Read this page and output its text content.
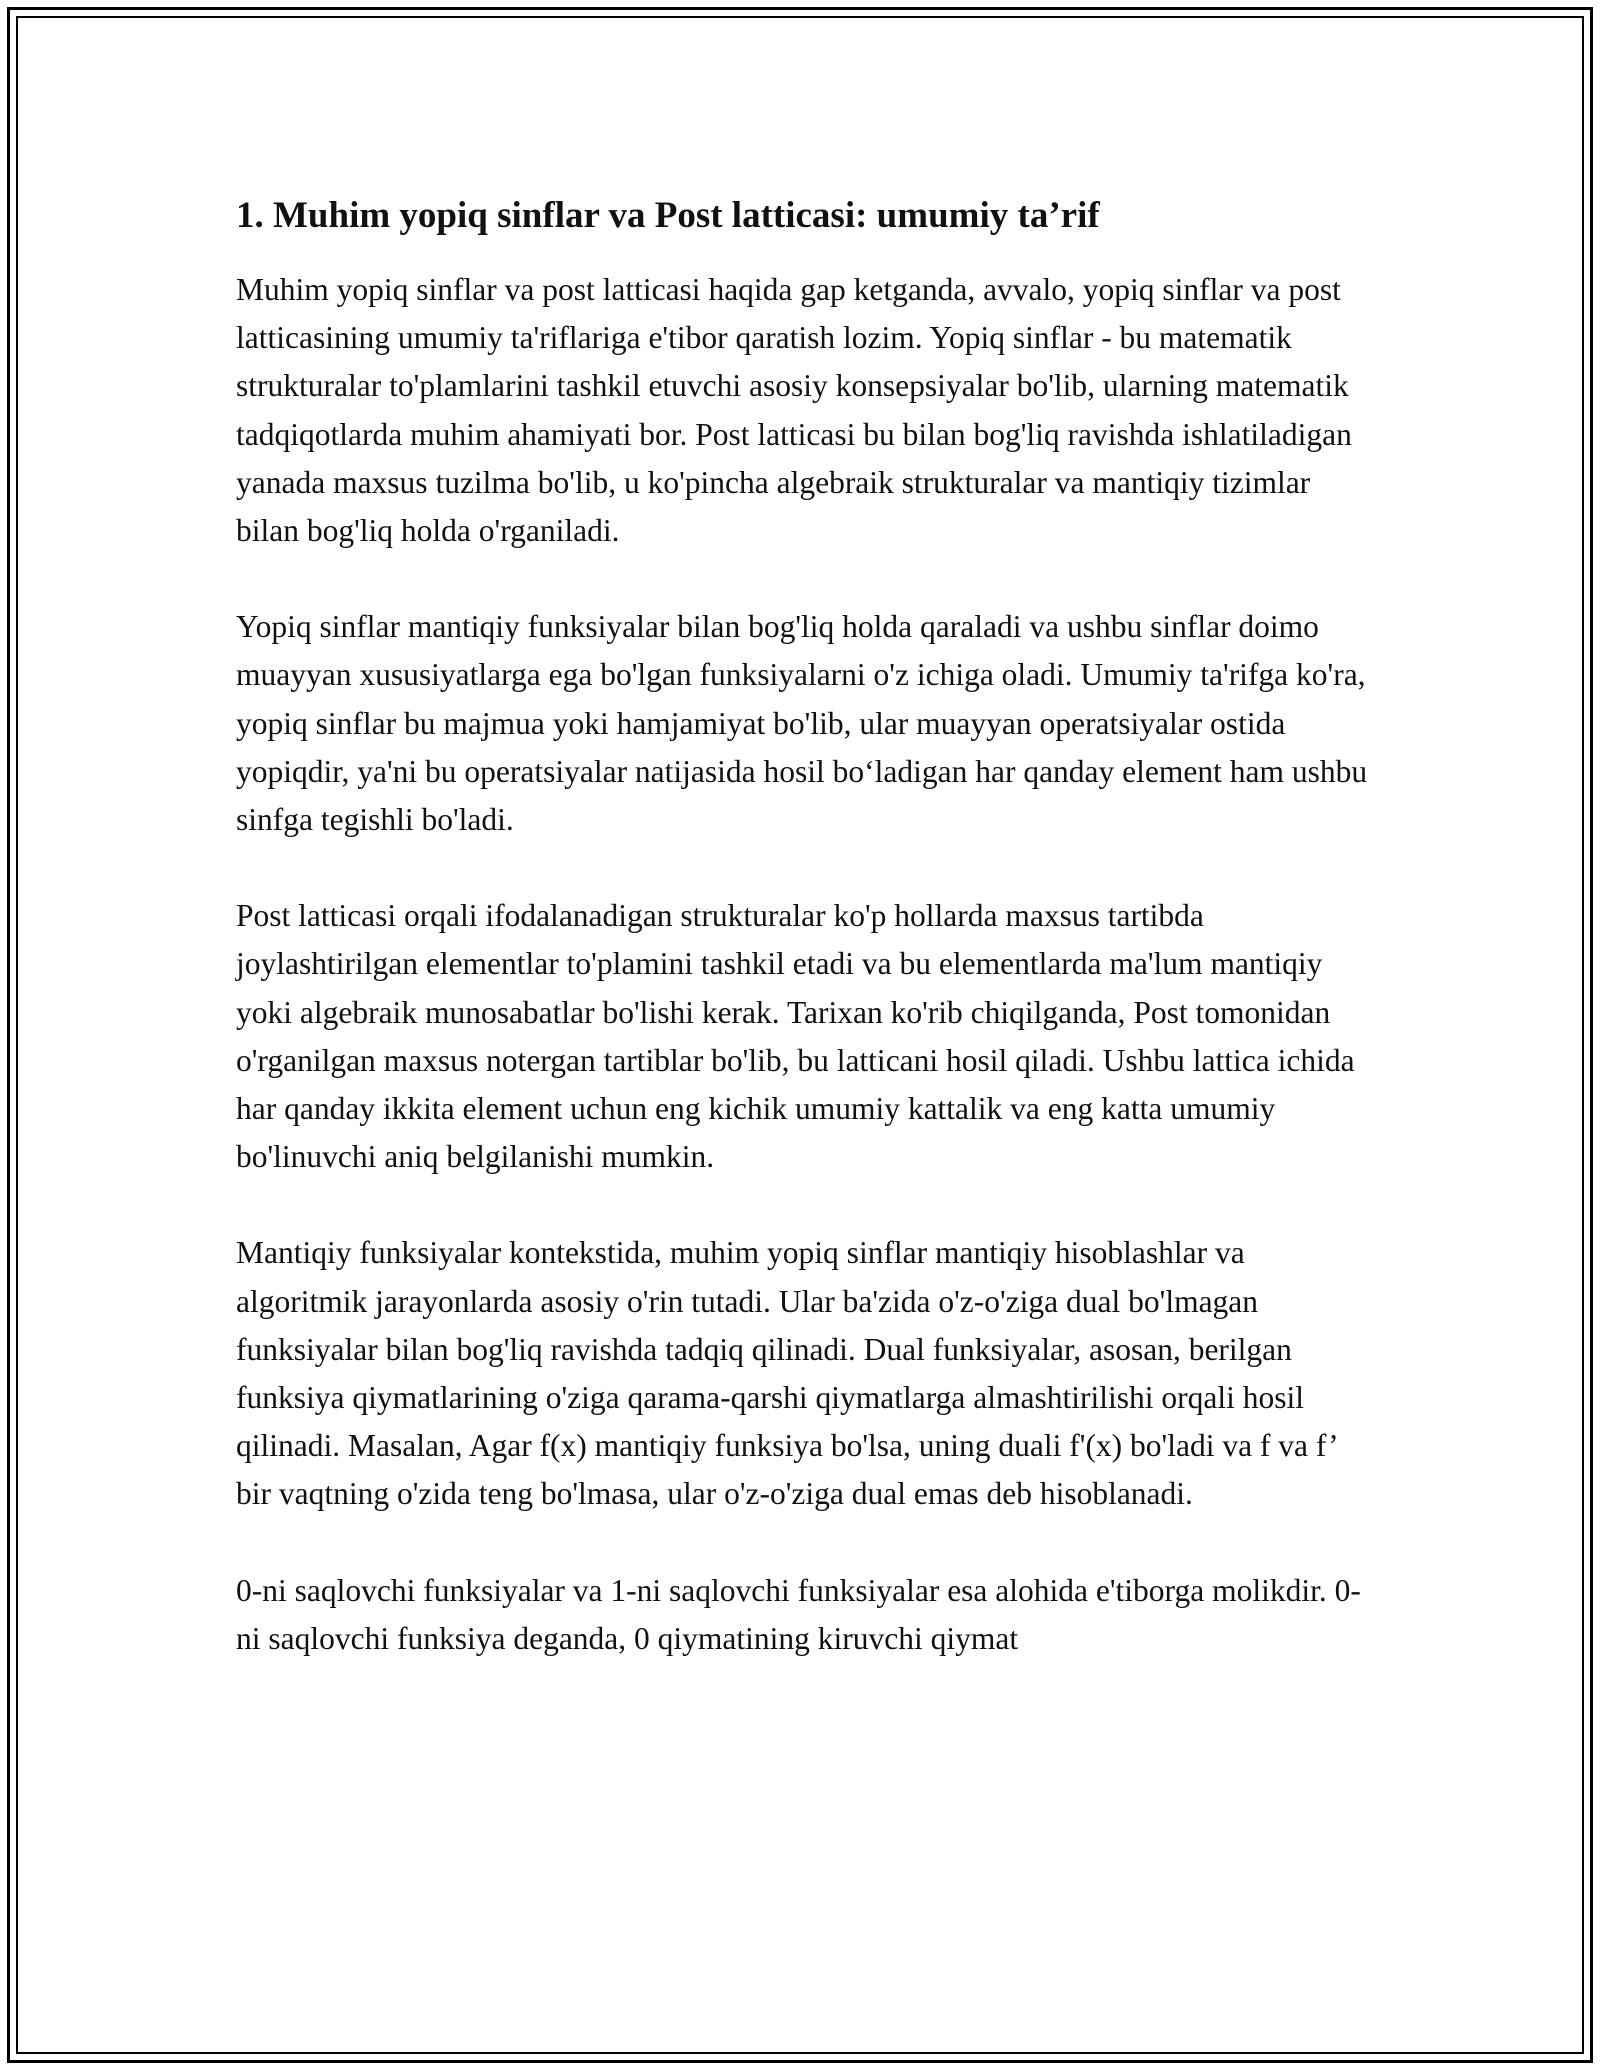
1. Muhim yopiq sinflar va Post latticasi: umumiy ta’rif

Muhim yopiq sinflar va post latticasi haqida gap ketganda, avvalo, yopiq sinflar va post latticasining umumiy ta'riflariga e'tibor qaratish lozim. Yopiq sinflar - bu matematik strukturalar to'plamlarini tashkil etuvchi asosiy konsepsiyalar bo'lib, ularning matematik tadqiqotlarda muhim ahamiyati bor. Post latticasi bu bilan bog'liq ravishda ishlatiladigan yanada maxsus tuzilma bo'lib, u ko'pincha algebraik strukturalar va mantiqiy tizimlar bilan bog'liq holda o'rganiladi.

Yopiq sinflar mantiqiy funksiyalar bilan bog'liq holda qaraladi va ushbu sinflar doimo muayyan xususiyatlarga ega bo'lgan funksiyalarni o'z ichiga oladi. Umumiy ta'rifga ko'ra, yopiq sinflar bu majmua yoki hamjamiyat bo'lib, ular muayyan operatsiyalar ostida yopiqdir, ya'ni bu operatsiyalar natijasida hosil bo‘ladigan har qanday element ham ushbu sinfga tegishli bo'ladi.

Post latticasi orqali ifodalanadigan strukturalar ko'p hollarda maxsus tartibda joylashtirilgan elementlar to'plamini tashkil etadi va bu elementlarda ma'lum mantiqiy yoki algebraik munosabatlar bo'lishi kerak. Tarixan ko'rib chiqilganda, Post tomonidan o'rganilgan maxsus notergan tartiblar bo'lib, bu latticani hosil qiladi. Ushbu lattica ichida har qanday ikkita element uchun eng kichik umumiy kattalik va eng katta umumiy bo'linuvchi aniq belgilanishi mumkin.

Mantiqiy funksiyalar kontekstida, muhim yopiq sinflar mantiqiy hisoblashlar va algoritmik jarayonlarda asosiy o'rin tutadi. Ular ba'zida o'z-o'ziga dual bo'lmagan funksiyalar bilan bog'liq ravishda tadqiq qilinadi. Dual funksiyalar, asosan, berilgan funksiya qiymatlarining o'ziga qarama-qarshi qiymatlarga almashtirilishi orqali hosil qilinadi. Masalan, Agar f(x) mantiqiy funksiya bo'lsa, uning duali f'(x) bo'ladi va f va f’ bir vaqtning o'zida teng bo'lmasa, ular o'z-o'ziga dual emas deb hisoblanadi.

0-ni saqlovchi funksiyalar va 1-ni saqlovchi funksiyalar esa alohida e'tiborga molikdir. 0-ni saqlovchi funksiya deganda, 0 qiymatining kiruvchi qiymat
